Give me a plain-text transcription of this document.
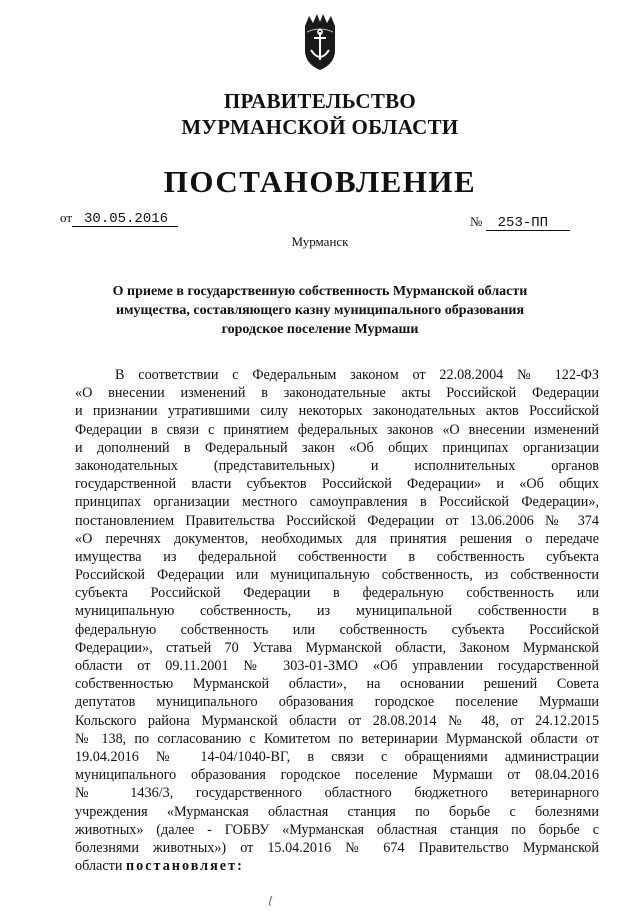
ПРАВИТЕЛЬСТВО
МУРМАНСКОЙ ОБЛАСТИ
ПОСТАНОВЛЕНИЕ
от 30.05.2016	№ 253-ПП
Мурманск
О приеме в государственную собственность Мурманской области
имущества, составляющего казну муниципального образования
городское поселение Мурмаши
В соответствии с Федеральным законом от 22.08.2004 № 122-ФЗ
«О внесении изменений в законодательные акты Российской Федерации
и признании утратившими силу некоторых законодательных актов Российской
Федерации в связи с принятием федеральных законов «О внесении изменений
и дополнений в Федеральный закон «Об общих принципах организации
законодательных (представительных) и исполнительных органов
государственной власти субъектов Российской Федерации» и «Об общих
принципах организации местного самоуправления в Российской Федерации»,
постановлением Правительства Российской Федерации от 13.06.2006 № 374
«О перечнях документов, необходимых для принятия решения о передаче
имущества из федеральной собственности в собственность субъекта
Российской Федерации или муниципальную собственность, из собственности
субъекта Российской Федерации в федеральную собственность или
муниципальную собственность, из муниципальной собственности в
федеральную собственность или собственность субъекта Российской
Федерации», статьей 70 Устава Мурманской области, Законом Мурманской
области от 09.11.2001 № 303-01-ЗМО «Об управлении государственной
собственностью Мурманской области», на основании решений Совета
депутатов муниципального образования городское поселение Мурмаши
Кольского района Мурманской области от 28.08.2014 № 48, от 24.12.2015
№ 138, по согласованию с Комитетом по ветеринарии Мурманской области от
19.04.2016 № 14-04/1040-ВГ, в связи с обращениями администрации
муниципального образования городское поселение Мурмаши от 08.04.2016
№ 1436/3, государственного областного бюджетного ветеринарного
учреждения «Мурманская областная станция по борьбе с болезнями
животных» (далее - ГОБВУ «Мурманская областная станция по борьбе с
болезнями животных») от 15.04.2016 № 674 Правительство Мурманской
области постановляет:
